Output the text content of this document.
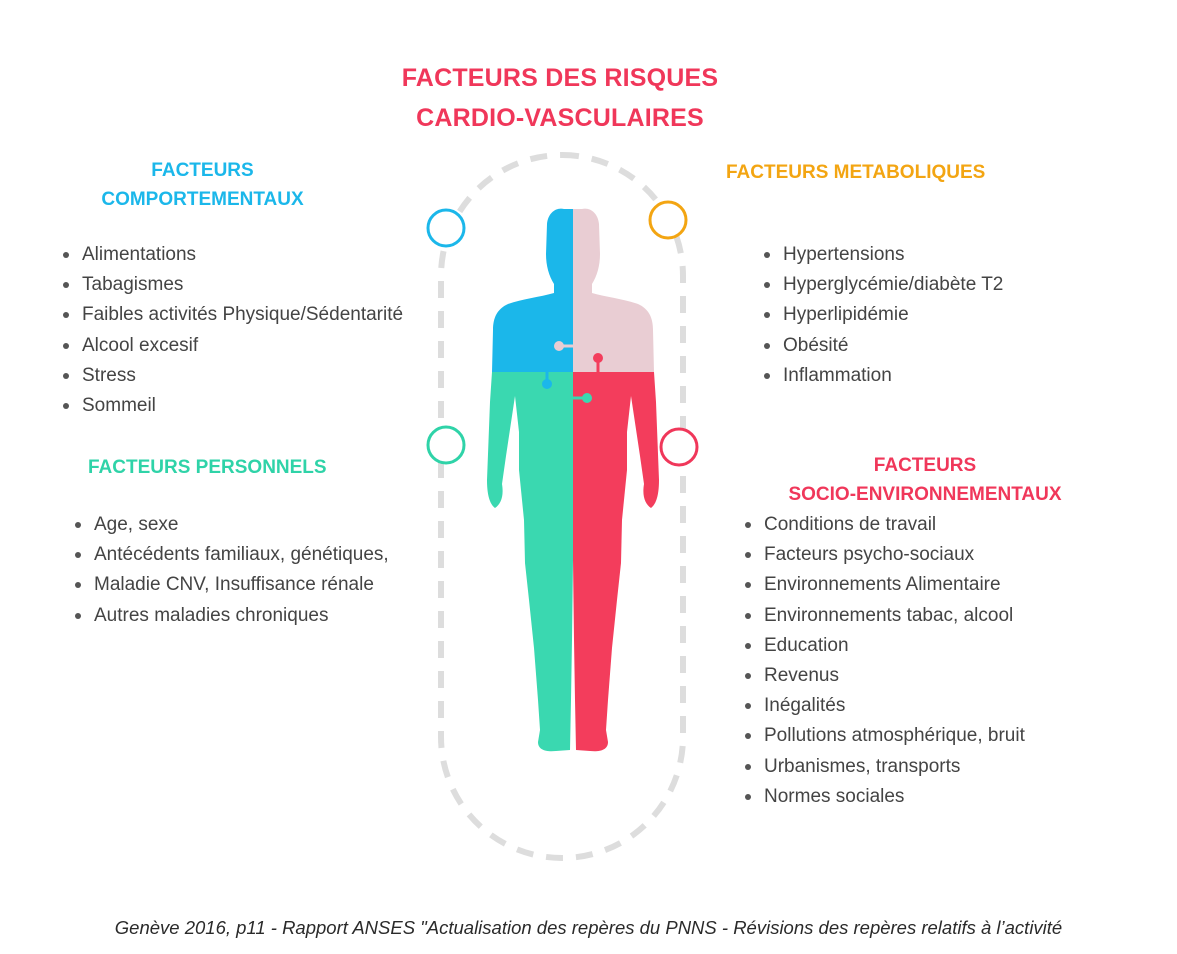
FACTEURS DES RISQUES
CARDIO-VASCULAIRES
FACTEURS
COMPORTEMENTAUX
Alimentations
Tabagismes
Faibles activités Physique/Sédentarité
Alcool excesif
Stress
Sommeil
FACTEURS PERSONNELS
Age, sexe
Antécédents familiaux, génétiques,
Maladie CNV, Insuffisance rénale
Autres maladies chroniques
FACTEURS METABOLIQUES
Hypertensions
Hyperglycémie/diabète T2
Hyperlipidémie
Obésité
Inflammation
FACTEURS
SOCIO-ENVIRONNEMENTAUX
Conditions de travail
Facteurs psycho-sociaux
Environnements Alimentaire
Environnements tabac, alcool
Education
Revenus
Inégalités
Pollutions atmosphérique, bruit
Urbanismes, transports
Normes sociales
Genève 2016, p11 - Rapport ANSES "Actualisation des repères du PNNS - Révisions des repères relatifs à l’activité
